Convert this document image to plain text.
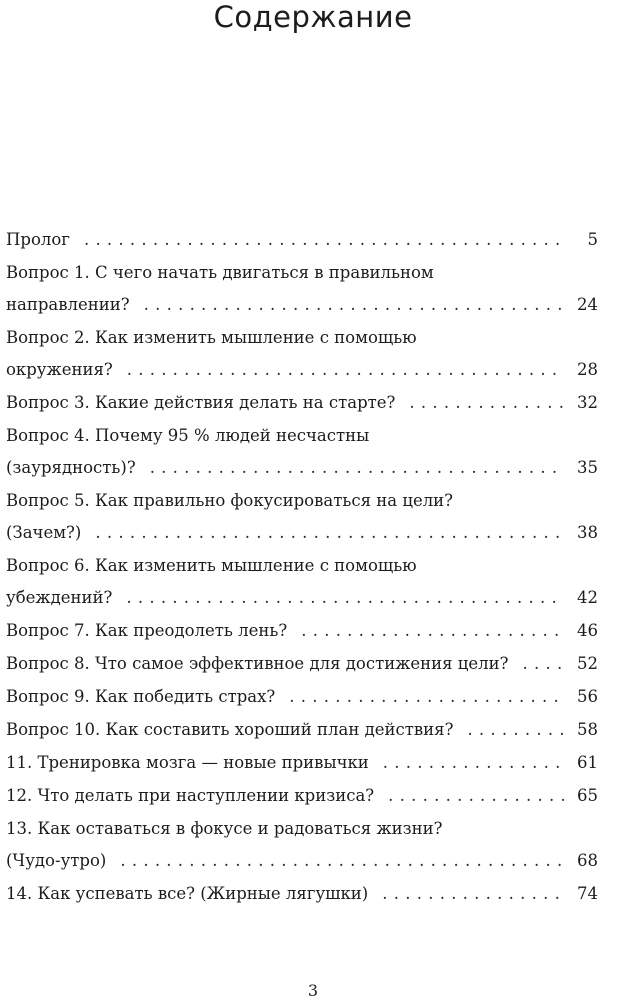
Содержание
Пролог . . .	5
Вопрос 1. С чего начать двигаться в правильном
направлении? . . .	24
Вопрос 2. Как изменить мышление с помощью
окружения? . . .	28
Вопрос 3. Какие действия делать на старте? . . .	32
Вопрос 4. Почему 95 % людей несчастны
(заурядность)? . . .	35
Вопрос 5. Как правильно фокусироваться на цели?
(Зачем?) . . .	38
Вопрос 6. Как изменить мышление с помощью
убеждений? . . .	42
Вопрос 7. Как преодолеть лень? . . .	46
Вопрос 8. Что самое эффективное для достижения цели? . . .	52
Вопрос 9. Как победить страх? . . .	56
Вопрос 10. Как составить хороший план действия? . . .	58
11. Тренировка мозга — новые привычки . . .	61
12. Что делать при наступлении кризиса? . . .	65
13. Как оставаться в фокусе и радоваться жизни?
(Чудо-утро) . . .	68
14. Как успевать все? (Жирные лягушки) . . .	74
3
